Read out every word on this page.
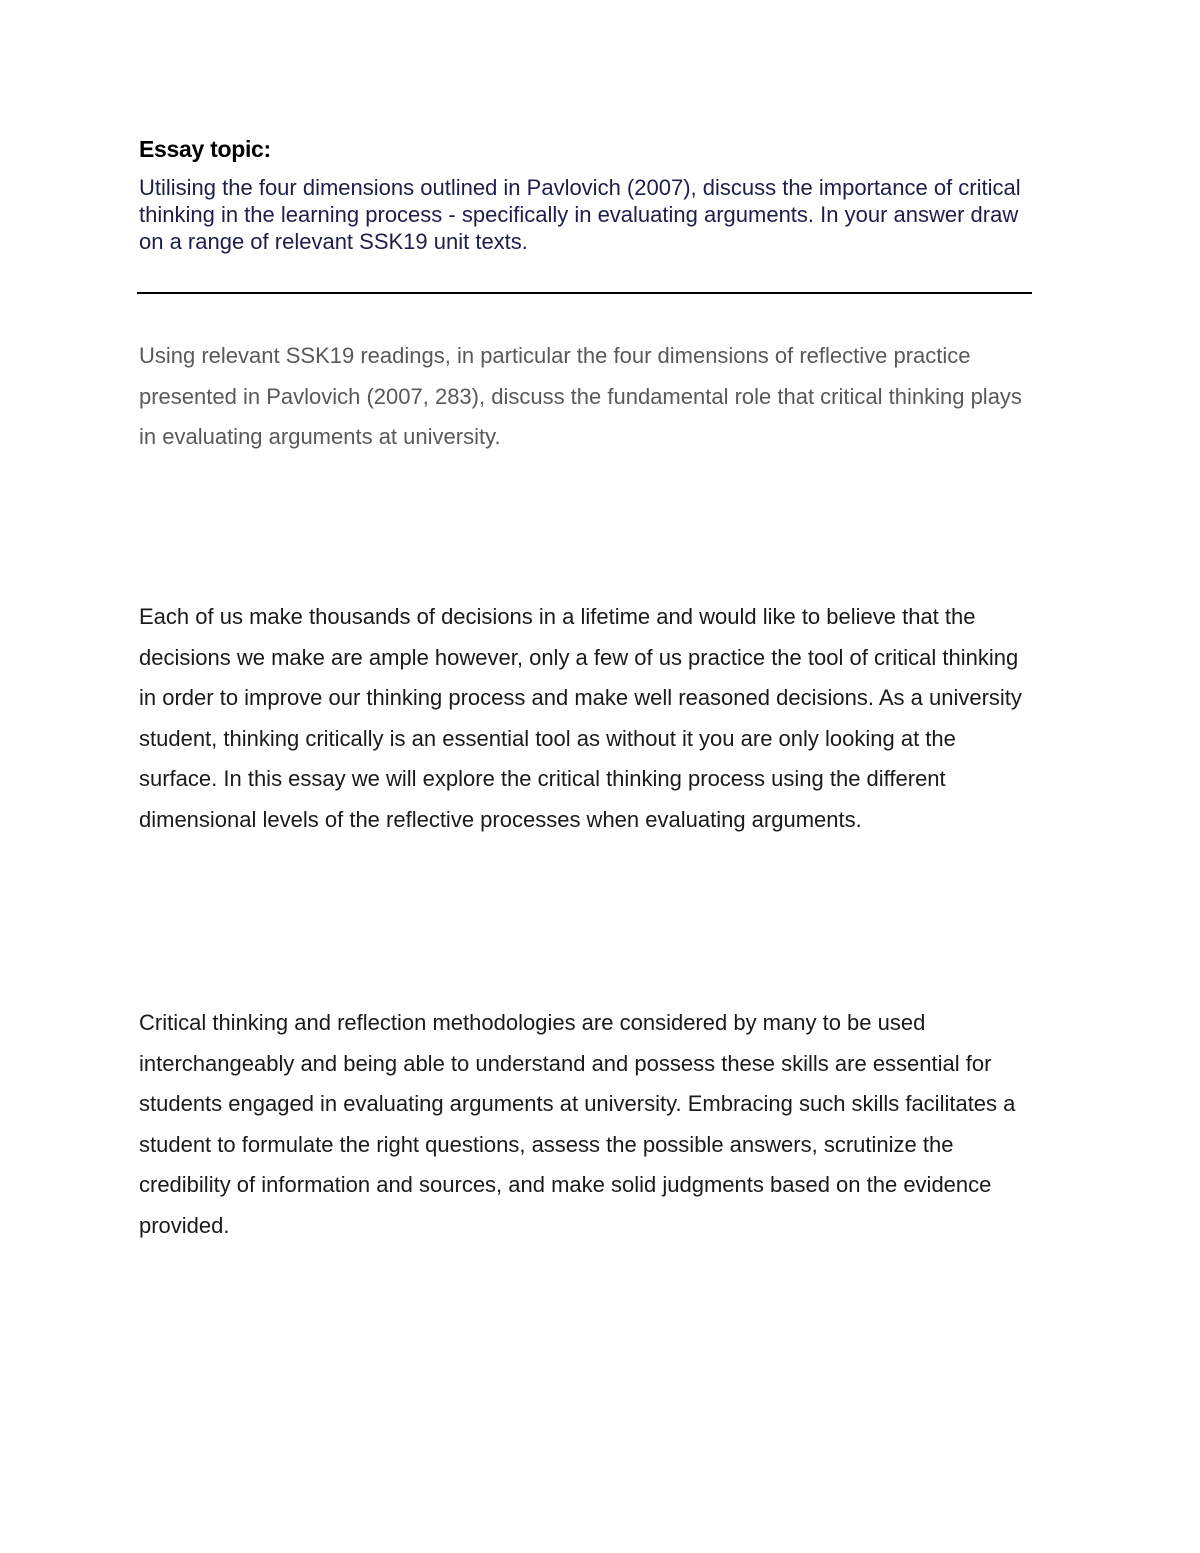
Essay topic:

Utilising the four dimensions outlined in Pavlovich (2007), discuss the importance of critical thinking in the learning process - specifically in evaluating arguments. In your answer draw on a range of relevant SSK19 unit texts.

Using relevant SSK19 readings, in particular the four dimensions of reflective practice presented in Pavlovich (2007, 283), discuss the fundamental role that critical thinking plays in evaluating arguments at university.

Each of us make thousands of decisions in a lifetime and would like to believe that the decisions we make are ample however, only a few of us practice the tool of critical thinking in order to improve our thinking process and make well reasoned decisions. As a university student, thinking critically is an essential tool as without it you are only looking at the surface. In this essay we will explore the critical thinking process using the different dimensional levels of the reflective processes when evaluating arguments.

Critical thinking and reflection methodologies are considered by many to be used interchangeably and being able to understand and possess these skills are essential for students engaged in evaluating arguments at university. Embracing such skills facilitates a student to formulate the right questions, assess the possible answers, scrutinize the credibility of information and sources, and make solid judgments based on the evidence provided.
